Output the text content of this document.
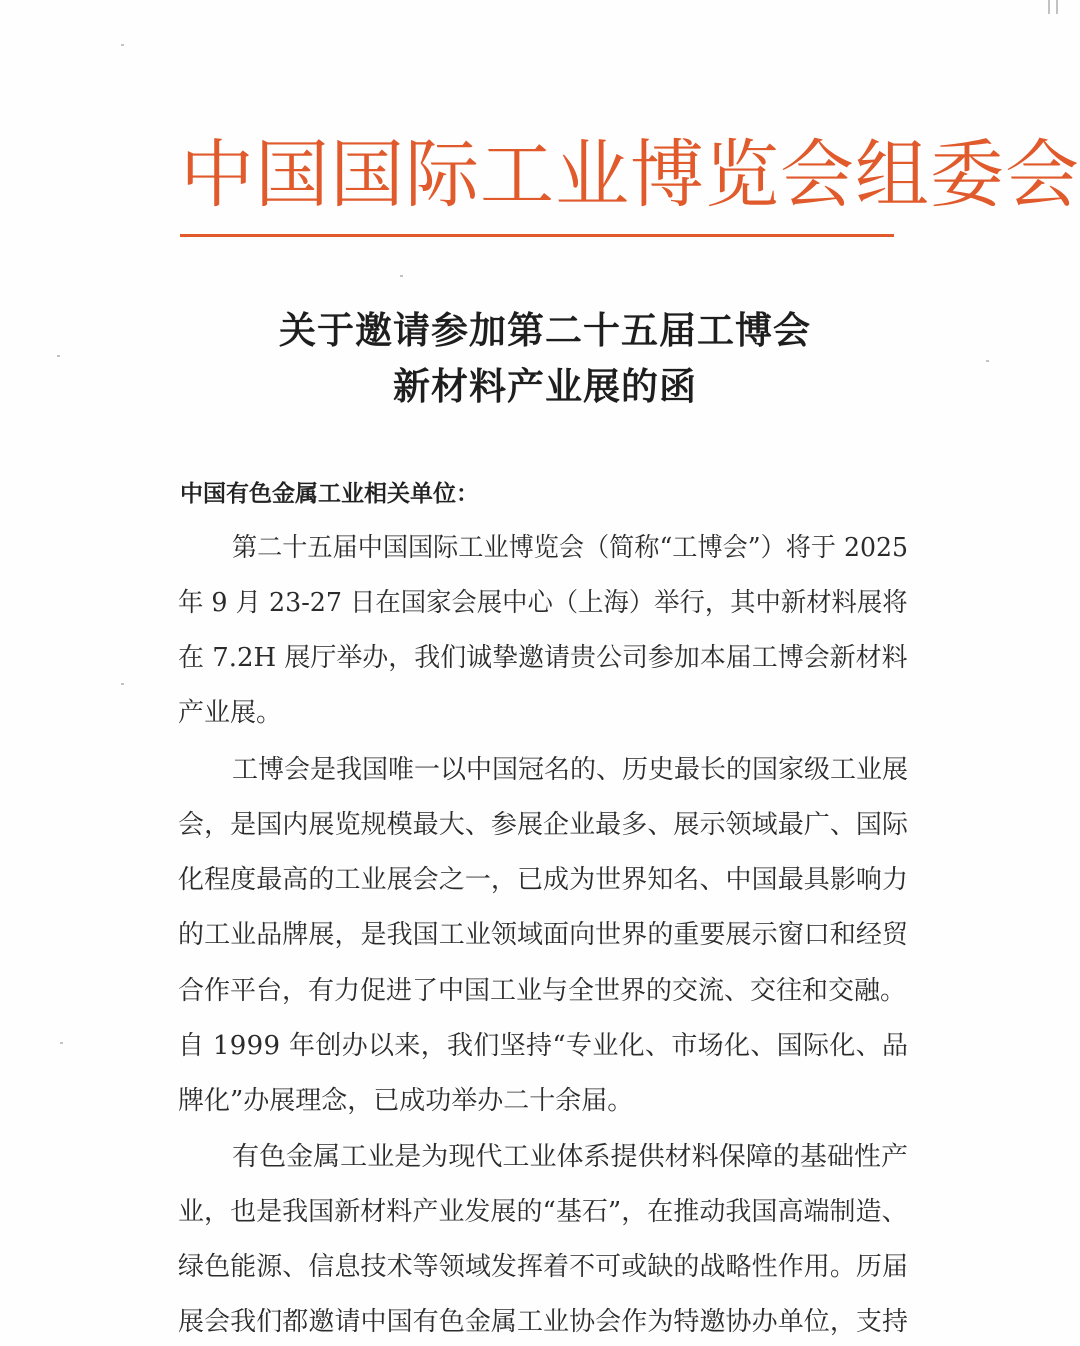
中国国际工业博览会组委会
关于邀请参加第二十五届工博会
新材料产业展的函
中国有色金属工业相关单位：
第二十五届中国国际工业博览会（简称“工博会”）将于 2025
年 9 月 23-27 日在国家会展中心（上海）举行，其中新材料展将
在 7.2H 展厅举办，我们诚挚邀请贵公司参加本届工博会新材料
产业展。
工博会是我国唯一以中国冠名的、历史最长的国家级工业展
会，是国内展览规模最大、参展企业最多、展示领域最广、国际
化程度最高的工业展会之一，已成为世界知名、中国最具影响力
的工业品牌展，是我国工业领域面向世界的重要展示窗口和经贸
合作平台，有力促进了中国工业与全世界的交流、交往和交融。
自 1999 年创办以来，我们坚持“专业化、市场化、国际化、品
牌化”办展理念，已成功举办二十余届。
有色金属工业是为现代工业体系提供材料保障的基础性产
业，也是我国新材料产业发展的“基石”，在推动我国高端制造、
绿色能源、信息技术等领域发挥着不可或缺的战略性作用。历届
展会我们都邀请中国有色金属工业协会作为特邀协办单位，支持
